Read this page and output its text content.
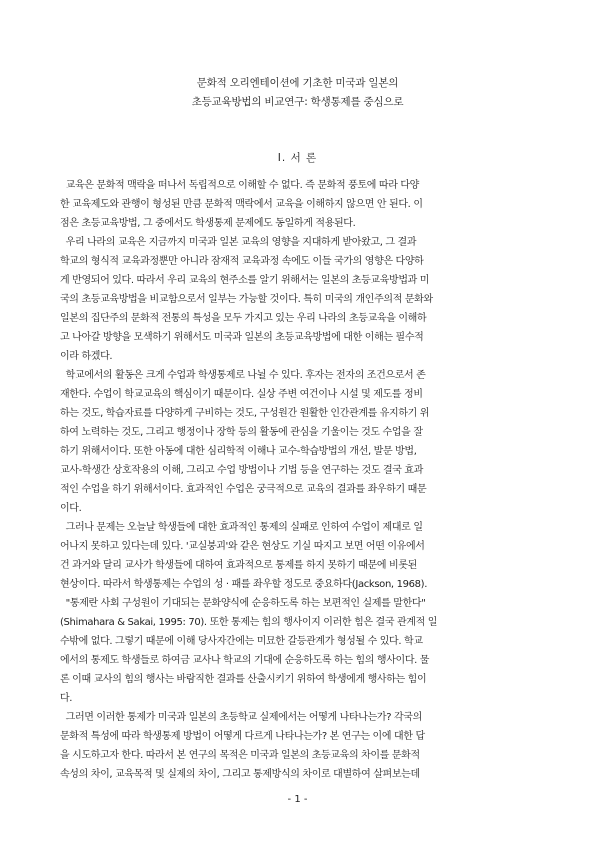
문화적 오리엔테이션에 기초한 미국과 일본의
초등교육방법의 비교연구: 학생통제를 중심으로
I. 서 론
교육은 문화적 맥락을 떠나서 독립적으로 이해할 수 없다. 즉 문화적 풍토에 따라 다양
한 교육제도와 관행이 형성된 만큼 문화적 맥락에서 교육을 이해하지 않으면 안 된다. 이
점은 초등교육방법, 그 중에서도 학생통제 문제에도 동일하게 적용된다.
우리 나라의 교육은 지금까지 미국과 일본 교육의 영향을 지대하게 받아왔고, 그 결과
학교의 형식적 교육과정뿐만 아니라 잠재적 교육과정 속에도 이들 국가의 영향은 다양하
게 반영되어 있다. 따라서 우리 교육의 현주소를 알기 위해서는 일본의 초등교육방법과 미
국의 초등교육방법을 비교함으로서 일부는 가능할 것이다. 특히 미국의 개인주의적 문화와
일본의 집단주의 문화적 전통의 특성을 모두 가지고 있는 우리 나라의 초등교육을 이해하
고 나아갈 방향을 모색하기 위해서도 미국과 일본의 초등교육방법에 대한 이해는 필수적
이라 하겠다.
학교에서의 활동은 크게 수업과 학생통제로 나뉠 수 있다. 후자는 전자의 조건으로서 존
재한다. 수업이 학교교육의 핵심이기 때문이다. 실상 주변 여건이나 시설 및 제도를 정비
하는 것도, 학습자료를 다양하게 구비하는 것도, 구성원간 원활한 인간관계를 유지하기 위
하여 노력하는 것도, 그리고 행정이나 장학 등의 활동에 관심을 기울이는 것도 수업을 잘
하기 위해서이다. 또한 아동에 대한 심리학적 이해나 교수-학습방법의 개선, 발문 방법,
교사-학생간 상호작용의 이해, 그리고 수업 방법이나 기법 등을 연구하는 것도 결국 효과
적인 수업을 하기 위해서이다. 효과적인 수업은 궁극적으로 교육의 결과를 좌우하기 때문
이다.
그러나 문제는 오늘날 학생들에 대한 효과적인 통제의 실패로 인하여 수업이 제대로 일
어나지 못하고 있다는데 있다. '교실붕괴'와 같은 현상도 기실 따지고 보면 어떤 이유에서
건 과거와 달리 교사가 학생들에 대하여 효과적으로 통제를 하지 못하기 때문에 비롯된
현상이다. 따라서 학생통제는 수업의 성 · 패를 좌우할 정도로 중요하다(Jackson, 1968).
"통제란 사회 구성원이 기대되는 문화양식에 순응하도록 하는 보편적인 실제를 말한다"
(Shimahara & Sakai, 1995: 70). 또한 통제는 힘의 행사이지 이러한 힘은 결국 관계적 일
수밖에 없다. 그렇기 때문에 이해 당사자간에는 미묘한 갈등관계가 형성될 수 있다. 학교
에서의 통제도 학생들로 하여금 교사나 학교의 기대에 순응하도록 하는 힘의 행사이다. 물
론 이때 교사의 힘의 행사는 바람직한 결과를 산출시키기 위하여 학생에게 행사하는 힘이
다.
그러면 이러한 통제가 미국과 일본의 초등학교 실제에서는 어떻게 나타나는가? 각국의
문화적 특성에 따라 학생통제 방법이 어떻게 다르게 나타나는가? 본 연구는 이에 대한 답
을 시도하고자 한다. 따라서 본 연구의 목적은 미국과 일본의 초등교육의 차이를 문화적
속성의 차이, 교육목적 및 실제의 차이, 그리고 통제방식의 차이로 대별하여 살펴보는데
- 1 -
